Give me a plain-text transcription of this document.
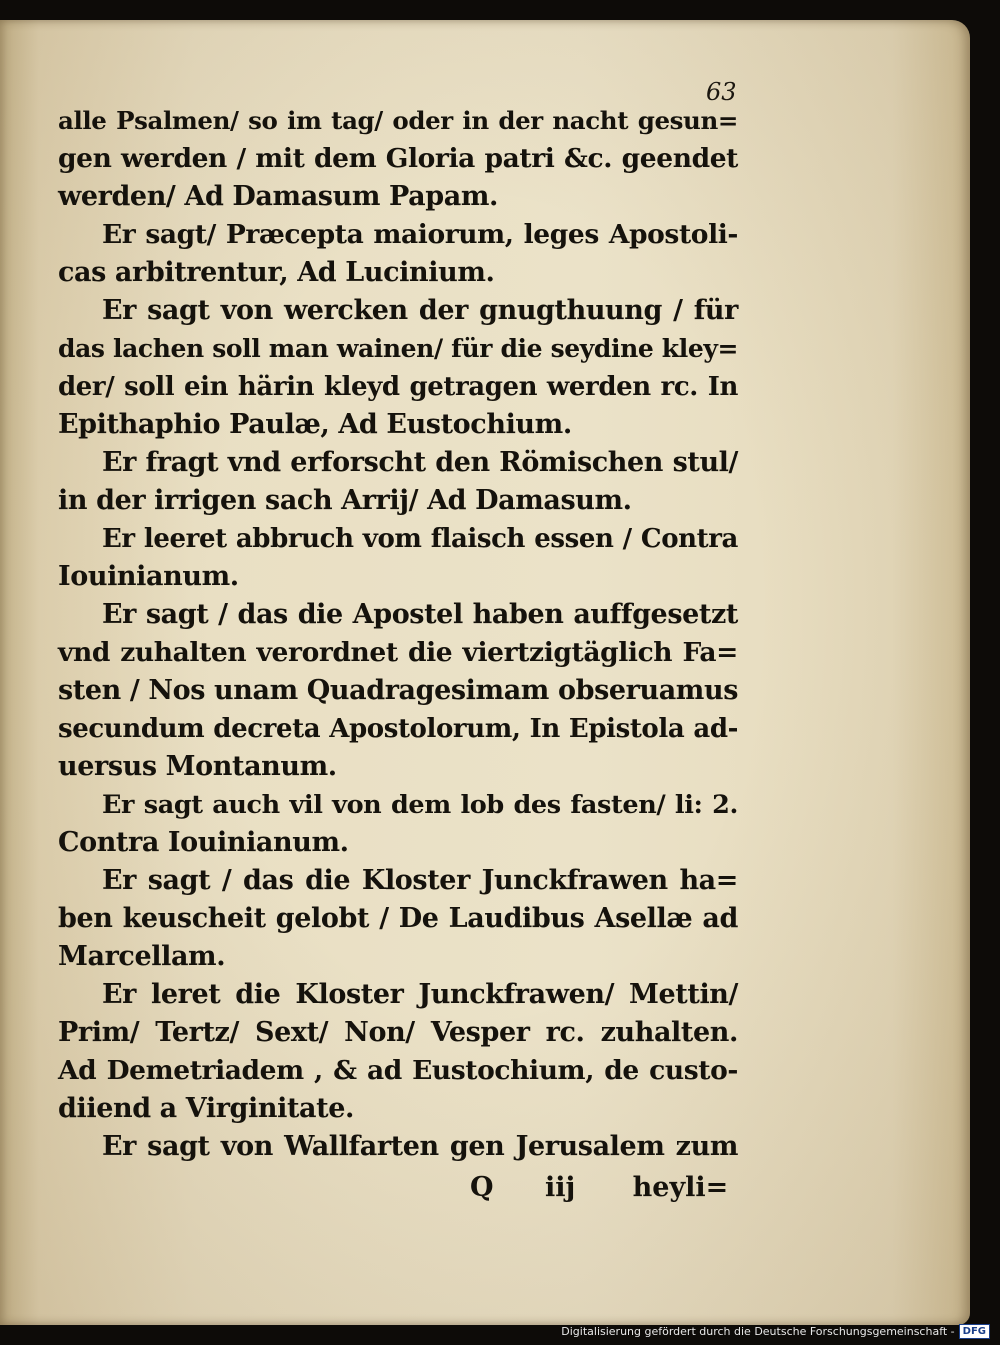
63
alle Psalmen/ so im tag/ oder in der nacht gesun=
gen werden / mit dem Gloria patri &c. geendet
werden/ Ad Damasum Papam.
Er sagt/ Præcepta maiorum, leges Apostoli-
cas arbitrentur, Ad Lucinium.
Er sagt von wercken der gnugthuung / für
das lachen soll man wainen/ für die seydine kley=
der/ soll ein härin kleyd getragen werden rc. In
Epithaphio Paulæ, Ad Eustochium.
Er fragt vnd erforscht den Römischen stul/
in der irrigen sach Arrij/ Ad Damasum.
Er leeret abbruch vom flaisch essen / Contra
Iouinianum.
Er sagt / das die Apostel haben auffgesetzt
vnd zuhalten verordnet die viertzigtäglich Fa=
sten / Nos unam Quadragesimam obseruamus
secundum decreta Apostolorum, In Epistola ad-
uersus Montanum.
Er sagt auch vil von dem lob des fasten/ li: 2.
Contra Iouinianum.
Er sagt / das die Kloster Junckfrawen ha=
ben keuscheit gelobt / De Laudibus Asellæ ad
Marcellam.
Er leret die Kloster Junckfrawen/ Mettin/
Prim/ Tertz/ Sext/ Non/ Vesper rc. zuhalten.
Ad Demetriadem , & ad Eustochium, de custo-
diiend a Virginitate.
Er sagt von Wallfarten gen Jerusalem zum
Q iij heyli=
Digitalisierung gefördert durch die Deutsche Forschungsgemeinschaft - DFG
